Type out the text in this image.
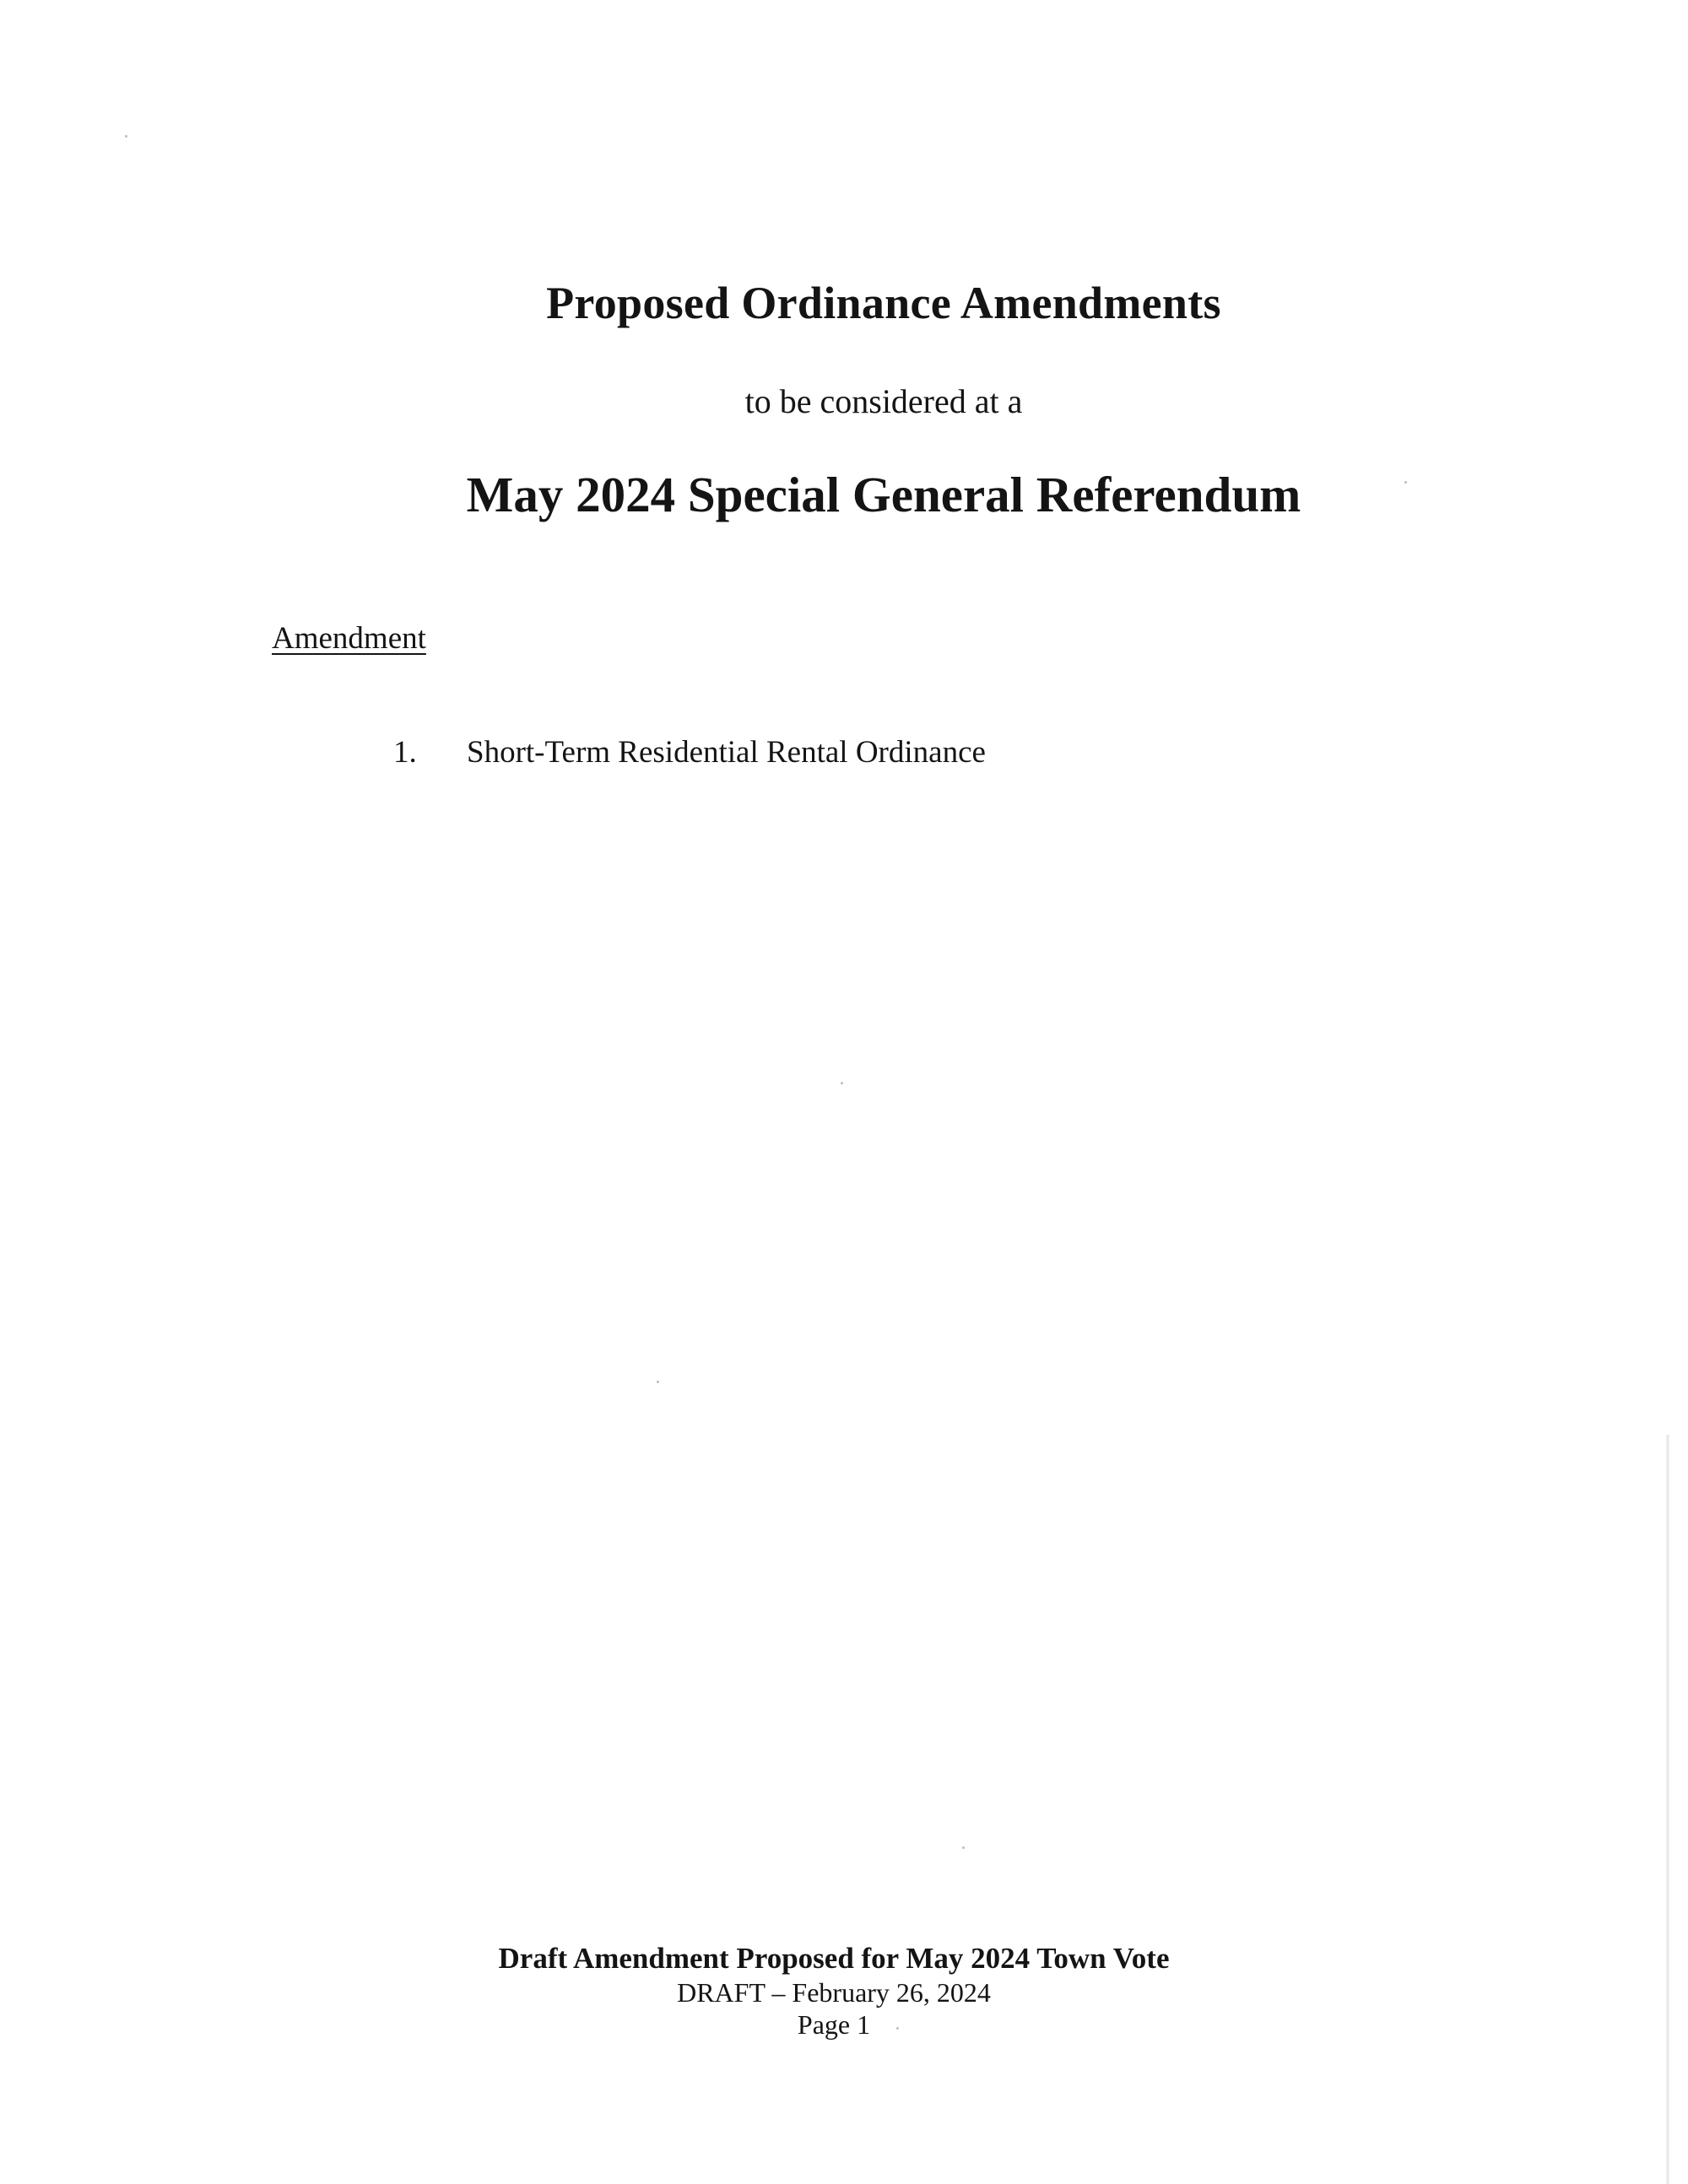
Proposed Ordinance Amendments
to be considered at a
May 2024 Special General Referendum
Amendment
1. Short-Term Residential Rental Ordinance
Draft Amendment Proposed for May 2024 Town Vote
DRAFT – February 26, 2024
Page 1
